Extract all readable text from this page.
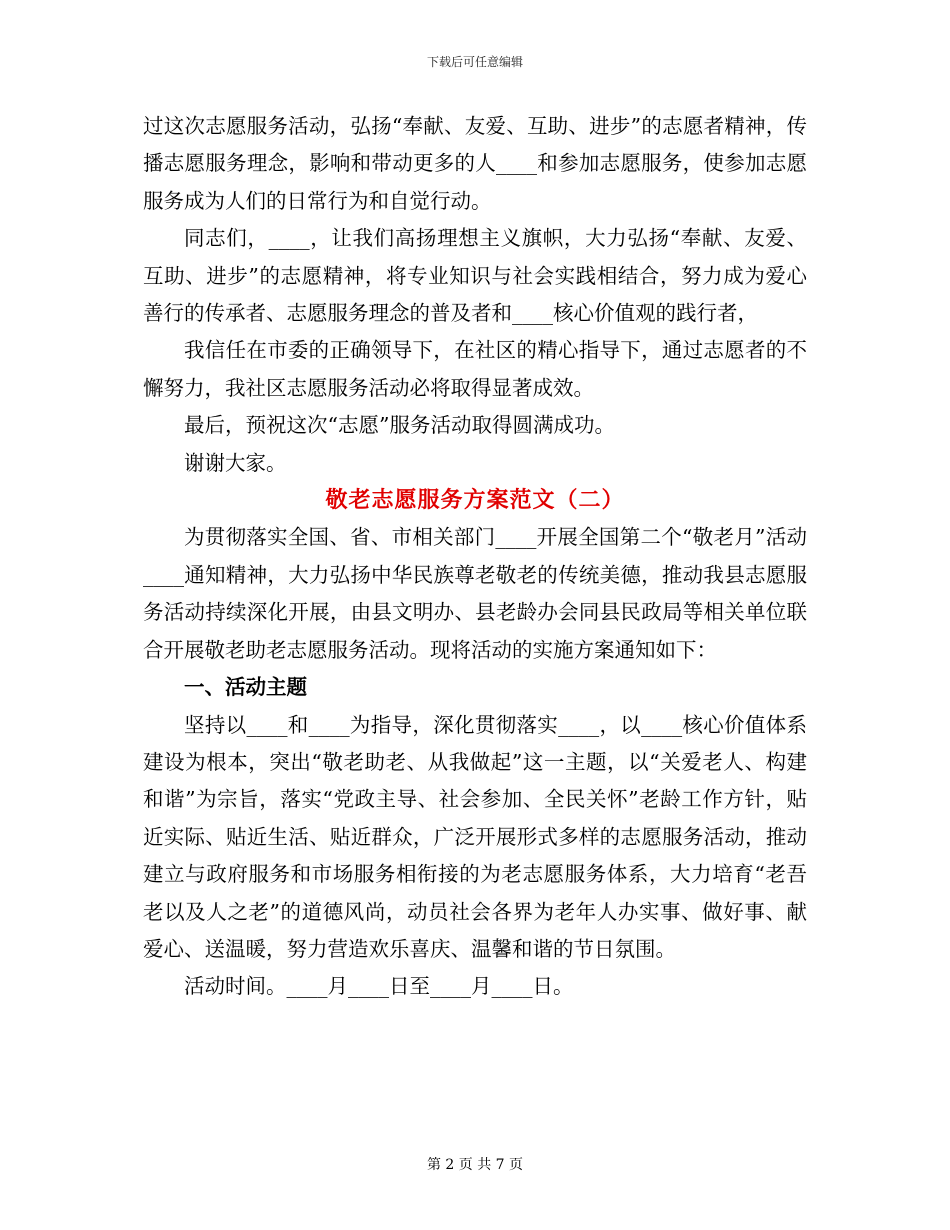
下载后可任意编辑

过这次志愿服务活动，弘扬“奉献、友爱、互助、进步”的志愿者精神，传播志愿服务理念，影响和带动更多的人____和参加志愿服务，使参加志愿服务成为人们的日常行为和自觉行动。

同志们，____，让我们高扬理想主义旗帜，大力弘扬“奉献、友爱、互助、进步”的志愿精神，将专业知识与社会实践相结合，努力成为爱心善行的传承者、志愿服务理念的普及者和____核心价值观的践行者，

我信任在市委的正确领导下，在社区的精心指导下，通过志愿者的不懈努力，我社区志愿服务活动必将取得显著成效。

最后，预祝这次“志愿”服务活动取得圆满成功。

谢谢大家。

敬老志愿服务方案范文（二）

为贯彻落实全国、省、市相关部门____开展全国第二个“敬老月”活动____通知精神，大力弘扬中华民族尊老敬老的传统美德，推动我县志愿服务活动持续深化开展，由县文明办、县老龄办会同县民政局等相关单位联合开展敬老助老志愿服务活动。现将活动的实施方案通知如下：

一、活动主题

坚持以____和____为指导，深化贯彻落实____，以____核心价值体系建设为根本，突出“敬老助老、从我做起”这一主题，以“关爱老人、构建和谐”为宗旨，落实“党政主导、社会参加、全民关怀”老龄工作方针，贴近实际、贴近生活、贴近群众，广泛开展形式多样的志愿服务活动，推动建立与政府服务和市场服务相衔接的为老志愿服务体系，大力培育“老吾老以及人之老”的道德风尚，动员社会各界为老年人办实事、做好事、献爱心、送温暖，努力营造欢乐喜庆、温馨和谐的节日氛围。

活动时间。____月____日至____月____日。

第 2 页 共 7 页
